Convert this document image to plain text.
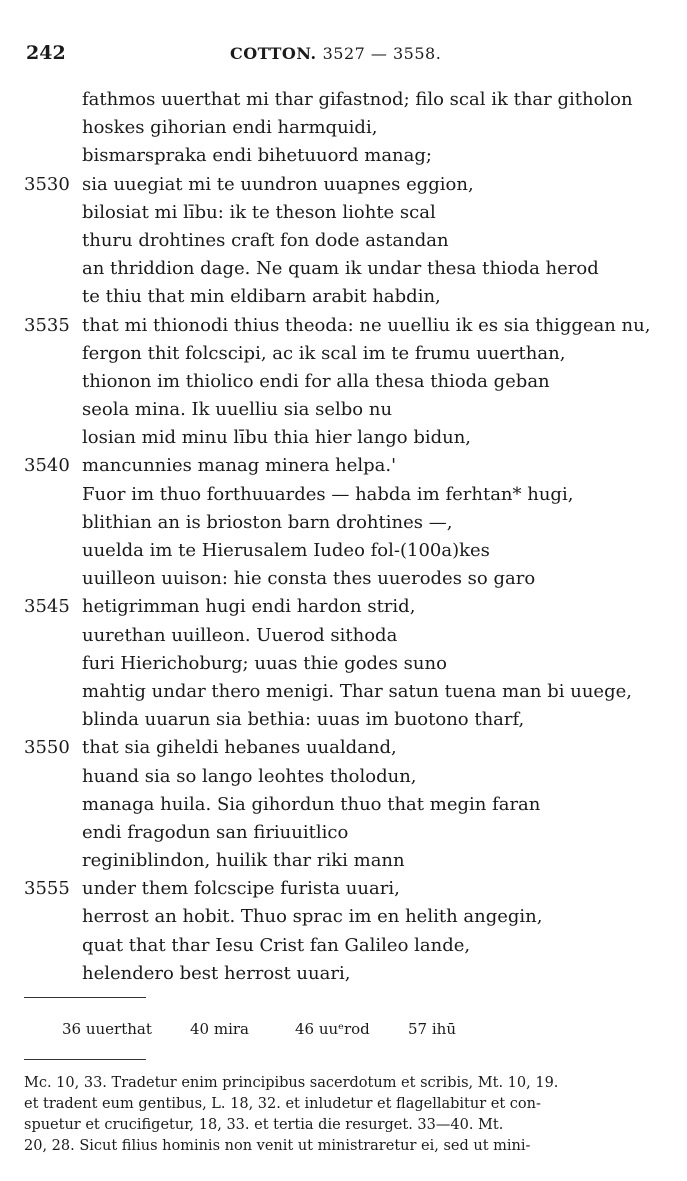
242	COTTON. 3527 — 3558.
fathmos uuerthat mi thar gifastnod; filo scal ik thar githolon
hoskes gihorian endi harmquidi,
bismarspraka endi bihetuuord manag;
3530 sia uuegiat mi te uundron uuapnes eggion,
bilosiat mi lību: ik te theson liohte scal
thuru drohtines craft fon dode astandan
an thriddion dage. Ne quam ik undar thesa thioda herod
te thiu that min eldibarn arabit habdin,
3535 that mi thionodi thius theoda: ne uuelliu ik es sia thiggean nu,
fergon thit folcscipi, ac ik scal im te frumu uuerthan,
thionon im thiolico endi for alla thesa thioda geban
seola mina. Ik uuelliu sia selbo nu
losian mid minu lību thia hier lango bidun,
3540 mancunnies manag minera helpa.'
Fuor im thuo forthuuardes — habda im ferhtan* hugi,
blithian an is brioston barn drohtines —,
uuelda im te Hierusalem Iudeo fol-(100a)kes
uuilleon uuison: hie consta thes uuerodes so garo
3545 hetigrimman hugi endi hardon strid,
uurethan uuilleon. Uuerod sithoda
furi Hierichoburg; uuas thie godes suno
mahtig undar thero menigi. Thar satun tuena man bi uuege,
blinda uuarun sia bethia: uuas im buotono tharf,
3550 that sia giheldi hebanes uualdand,
huand sia so lango leohtes tholodun,
managa huila. Sia gihordun thuo that megin faran
endi fragodun san firiuuitlico
reginiblindon, huilik thar riki mann
3555 under them folcscipe furista uuari,
herrost an hobit. Thuo sprac im en helith angegin,
quat that thar Iesu Crist fan Galileo lande,
helendero best herrost uuari,
36 uuerthat	40 mira	46 uuᵉrod	57 ihū
Mc. 10, 33. Tradetur enim principibus sacerdotum et scribis, Mt. 10, 19.
et tradent eum gentibus, L. 18, 32. et inludetur et flagellabitur et con-
spuetur et crucifigetur, 18, 33. et tertia die resurget. 33—40. Mt.
20, 28. Sicut filius hominis non venit ut ministraretur ei, sed ut mini-
